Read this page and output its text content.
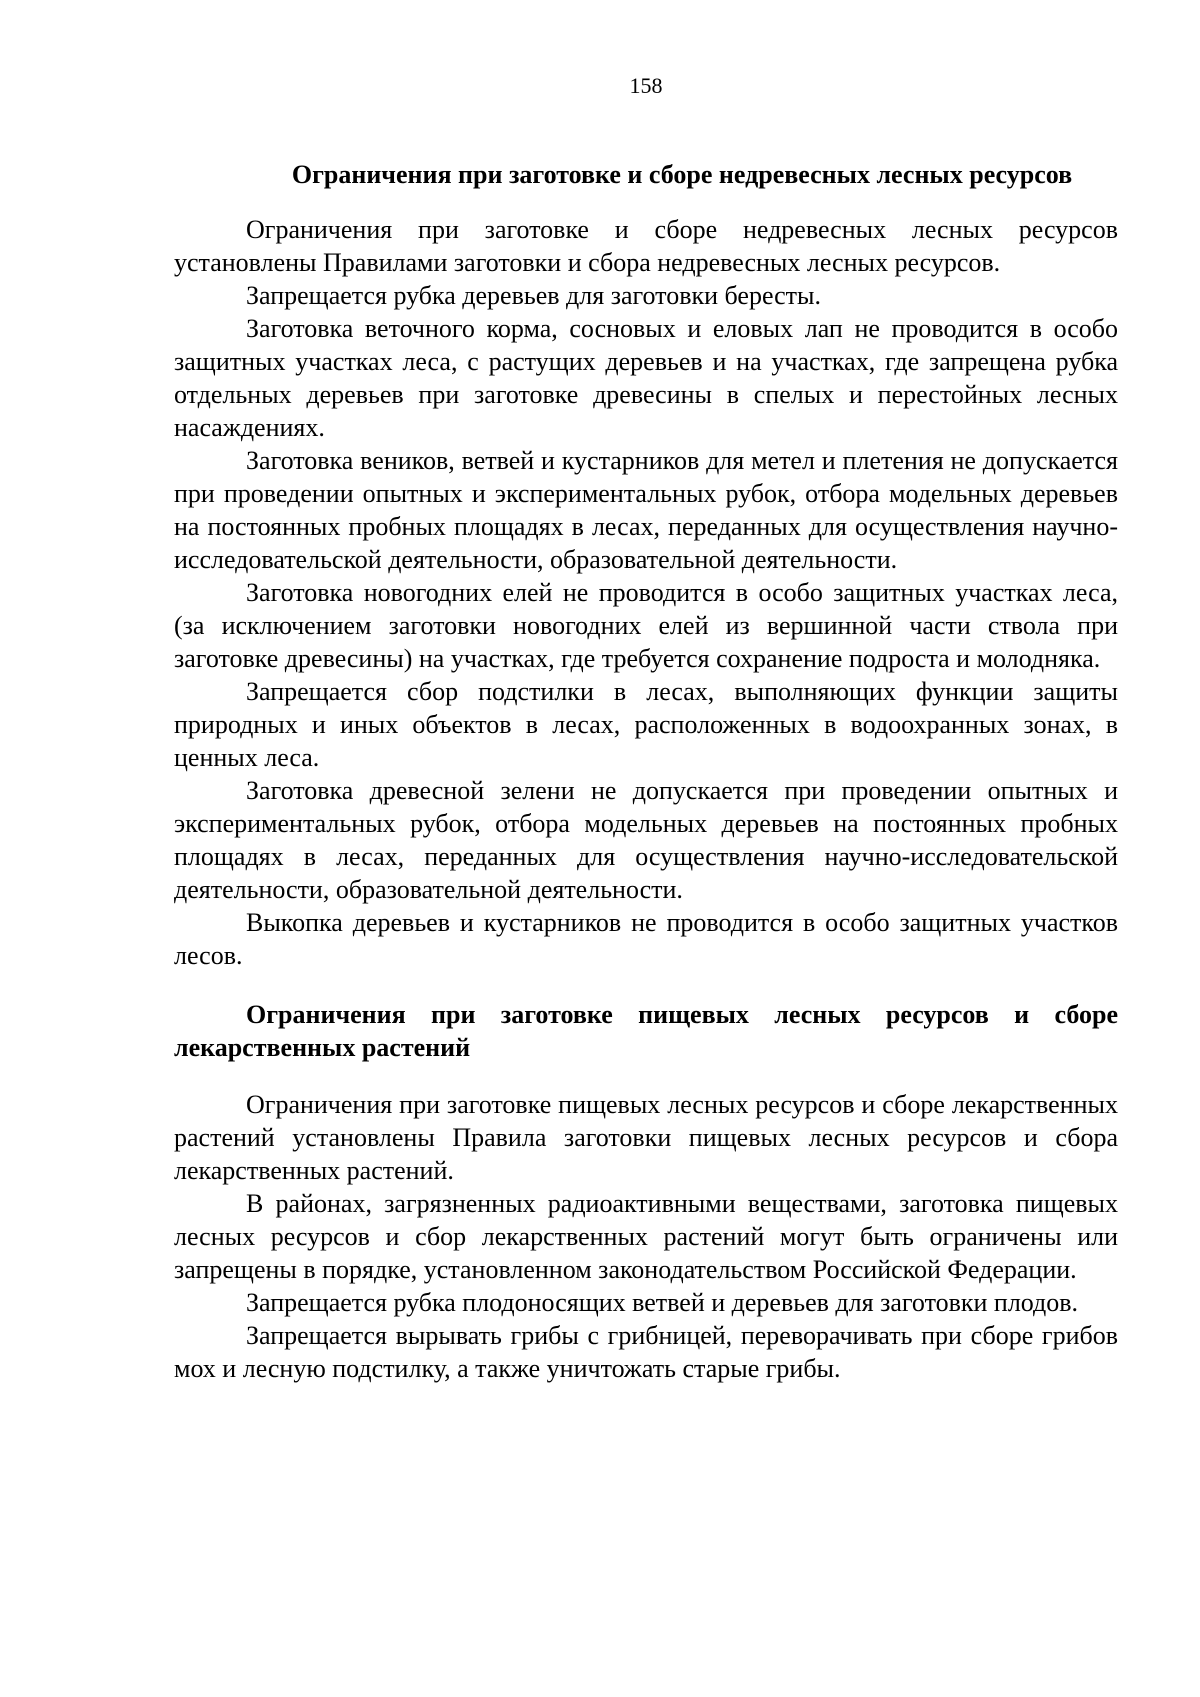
158
Ограничения при заготовке и сборе недревесных лесных ресурсов

Ограничения при заготовке и сборе недревесных лесных ресурсов установлены Правилами заготовки и сбора недревесных лесных ресурсов.

Запрещается рубка деревьев для заготовки бересты.

Заготовка веточного корма, сосновых и еловых лап не проводится в особо защитных участках леса, с растущих деревьев и на участках, где запрещена рубка отдельных деревьев при заготовке древесины в спелых и перестойных лесных насаждениях.

Заготовка веников, ветвей и кустарников для метел и плетения не допускается при проведении опытных и экспериментальных рубок, отбора модельных деревьев на постоянных пробных площадях в лесах, переданных для осуществления научно-исследовательской деятельности, образовательной деятельности.

Заготовка новогодних елей не проводится в особо защитных участках леса, (за исключением заготовки новогодних елей из вершинной части ствола при заготовке древесины) на участках, где требуется сохранение подроста и молодняка.

Запрещается сбор подстилки в лесах, выполняющих функции защиты природных и иных объектов в лесах, расположенных в водоохранных зонах, в ценных леса.

Заготовка древесной зелени не допускается при проведении опытных и экспериментальных рубок, отбора модельных деревьев на постоянных пробных площадях в лесах, переданных для осуществления научно-исследовательской деятельности, образовательной деятельности.

Выкопка деревьев и кустарников не проводится в особо защитных участков лесов.

Ограничения при заготовке пищевых лесных ресурсов и сборе лекарственных растений

Ограничения при заготовке пищевых лесных ресурсов и сборе лекарственных растений установлены Правила заготовки пищевых лесных ресурсов и сбора лекарственных растений.

В районах, загрязненных радиоактивными веществами, заготовка пищевых лесных ресурсов и сбор лекарственных растений могут быть ограничены или запрещены в порядке, установленном законодательством Российской Федерации.

Запрещается рубка плодоносящих ветвей и деревьев для заготовки плодов.

Запрещается вырывать грибы с грибницей, переворачивать при сборе грибов мох и лесную подстилку, а также уничтожать старые грибы.
